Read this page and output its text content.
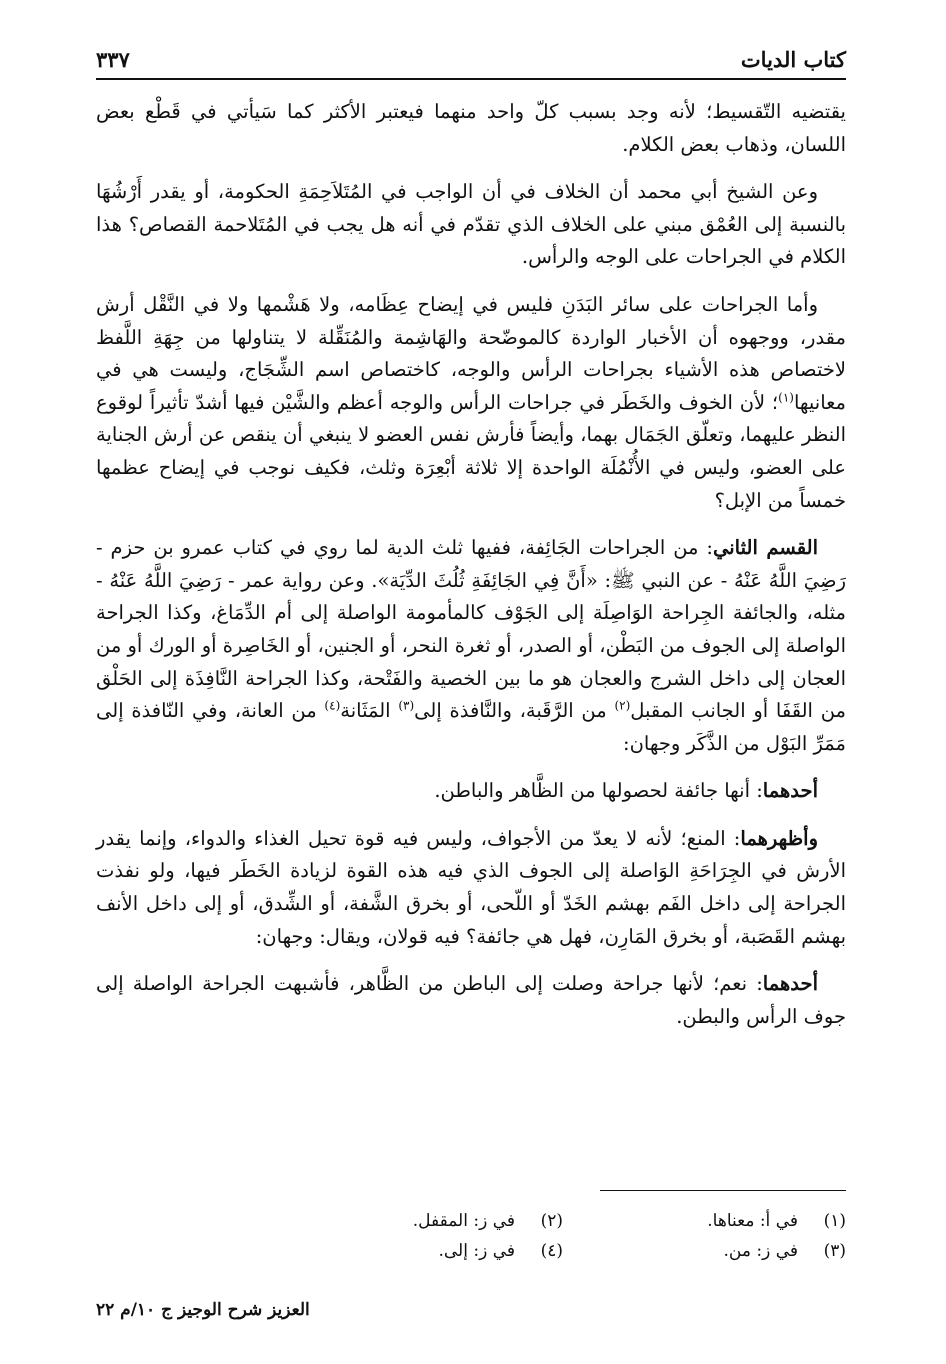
كتاب الديات
٣٣٧

يقتضيه التّقسيط؛ لأنه وجد بسبب كلّ واحد منهما فيعتبر الأكثر كما سَيأتي في قَطْع بعض اللسان، وذهاب بعض الكلام.

وعن الشيخ أبي محمد أن الخلاف في أن الواجب في المُتَلاَحِمَةِ الحكومة، أو يقدر أَرْشُهَا بالنسبة إلى العُمْق مبني على الخلاف الذي تقدّم في أنه هل يجب في المُتَلاحمة القصاص؟ هذا الكلام في الجراحات على الوجه والرأس.

وأما الجراحات على سائر البَدَنِ فليس في إيضاح عِظَامه، ولا هَشْمها ولا في النَّقْل أرش مقدر، ووجهوه أن الأخبار الواردة كالموضّحة والهَاشِمة والمُنَقِّلة لا يتناولها من جِهَةِ اللَّفظ لاختصاص هذه الأشياء بجراحات الرأس والوجه، كاختصاص اسم الشِّجَاج، وليست هي في معانيها$^{(١)}$؛ لأن الخوف والخَطَر في جراحات الرأس والوجه أعظم والشَّيْن فيها أشدّ تأثيراً لوقوع النظر عليهما، وتعلّق الجَمَال بهما، وأيضاً فأرش نفس العضو لا ينبغي أن ينقص عن أرش الجناية على العضو، وليس في الأُنْمُلَة الواحدة إلا ثلاثة أبْعِرَة وثلث، فكيف نوجب في إيضاح عظمها خمساً من الإبل؟

القسم الثاني: من الجراحات الجَائِفة، ففيها ثلث الدية لما روي في كتاب عمرو بن حزم - رَضِيَ اللَّهُ عَنْهُ - عن النبي ﷺ: «أَنَّ فِي الجَائِفَةِ ثُلُثَ الدِّيَة». وعن رواية عمر - رَضِيَ اللَّهُ عَنْهُ - مثله، والجائفة الجِراحة الوَاصِلَة إلى الجَوْف كالمأمومة الواصلة إلى أم الدِّمَاغ، وكذا الجراحة الواصلة إلى الجوف من البَطْن، أو الصدر، أو ثغرة النحر، أو الجنين، أو الخَاصِرة أو الورك أو من العجان إلى داخل الشرج والعجان هو ما بين الخصية والفَتْحة، وكذا الجراحة النَّافِذَة إلى الحَلْق من القَفَا أو الجانب المقبل$^{(٢)}$ من الرَّقَبة، والنَّافذة إلى$^{(٣)}$ المَثَانة$^{(٤)}$ من العانة، وفي النّافذة إلى مَمَرِّ البَوْل من الذَّكَر وجهان:

أحدهما: أنها جائفة لحصولها من الظَّاهر والباطن.

وأظهرهما: المنع؛ لأنه لا يعدّ من الأجواف، وليس فيه قوة تحيل الغذاء والدواء، وإنما يقدر الأرش في الجِرَاحَةِ الوَاصلة إلى الجوف الذي فيه هذه القوة لزيادة الخَطَر فيها، ولو نفذت الجراحة إلى داخل الفَم بهشم الخَدّ أو اللّحى، أو بخرق الشَّفة، أو الشِّدق، أو إلى داخل الأنف بهشم القَصَبة، أو بخرق المَارِن، فهل هي جائفة؟ فيه قولان، ويقال: وجهان:

أحدهما: نعم؛ لأنها جراحة وصلت إلى الباطن من الظَّاهر، فأشبهت الجراحة الواصلة إلى جوف الرأس والبطن.

(١)
في أ: معناها.
(٢)
في ز: المقفل.
(٣)
في ز: من.
(٤)
في ز: إلى.
العزيز شرح الوجيز ج ١٠/م ٢٢
